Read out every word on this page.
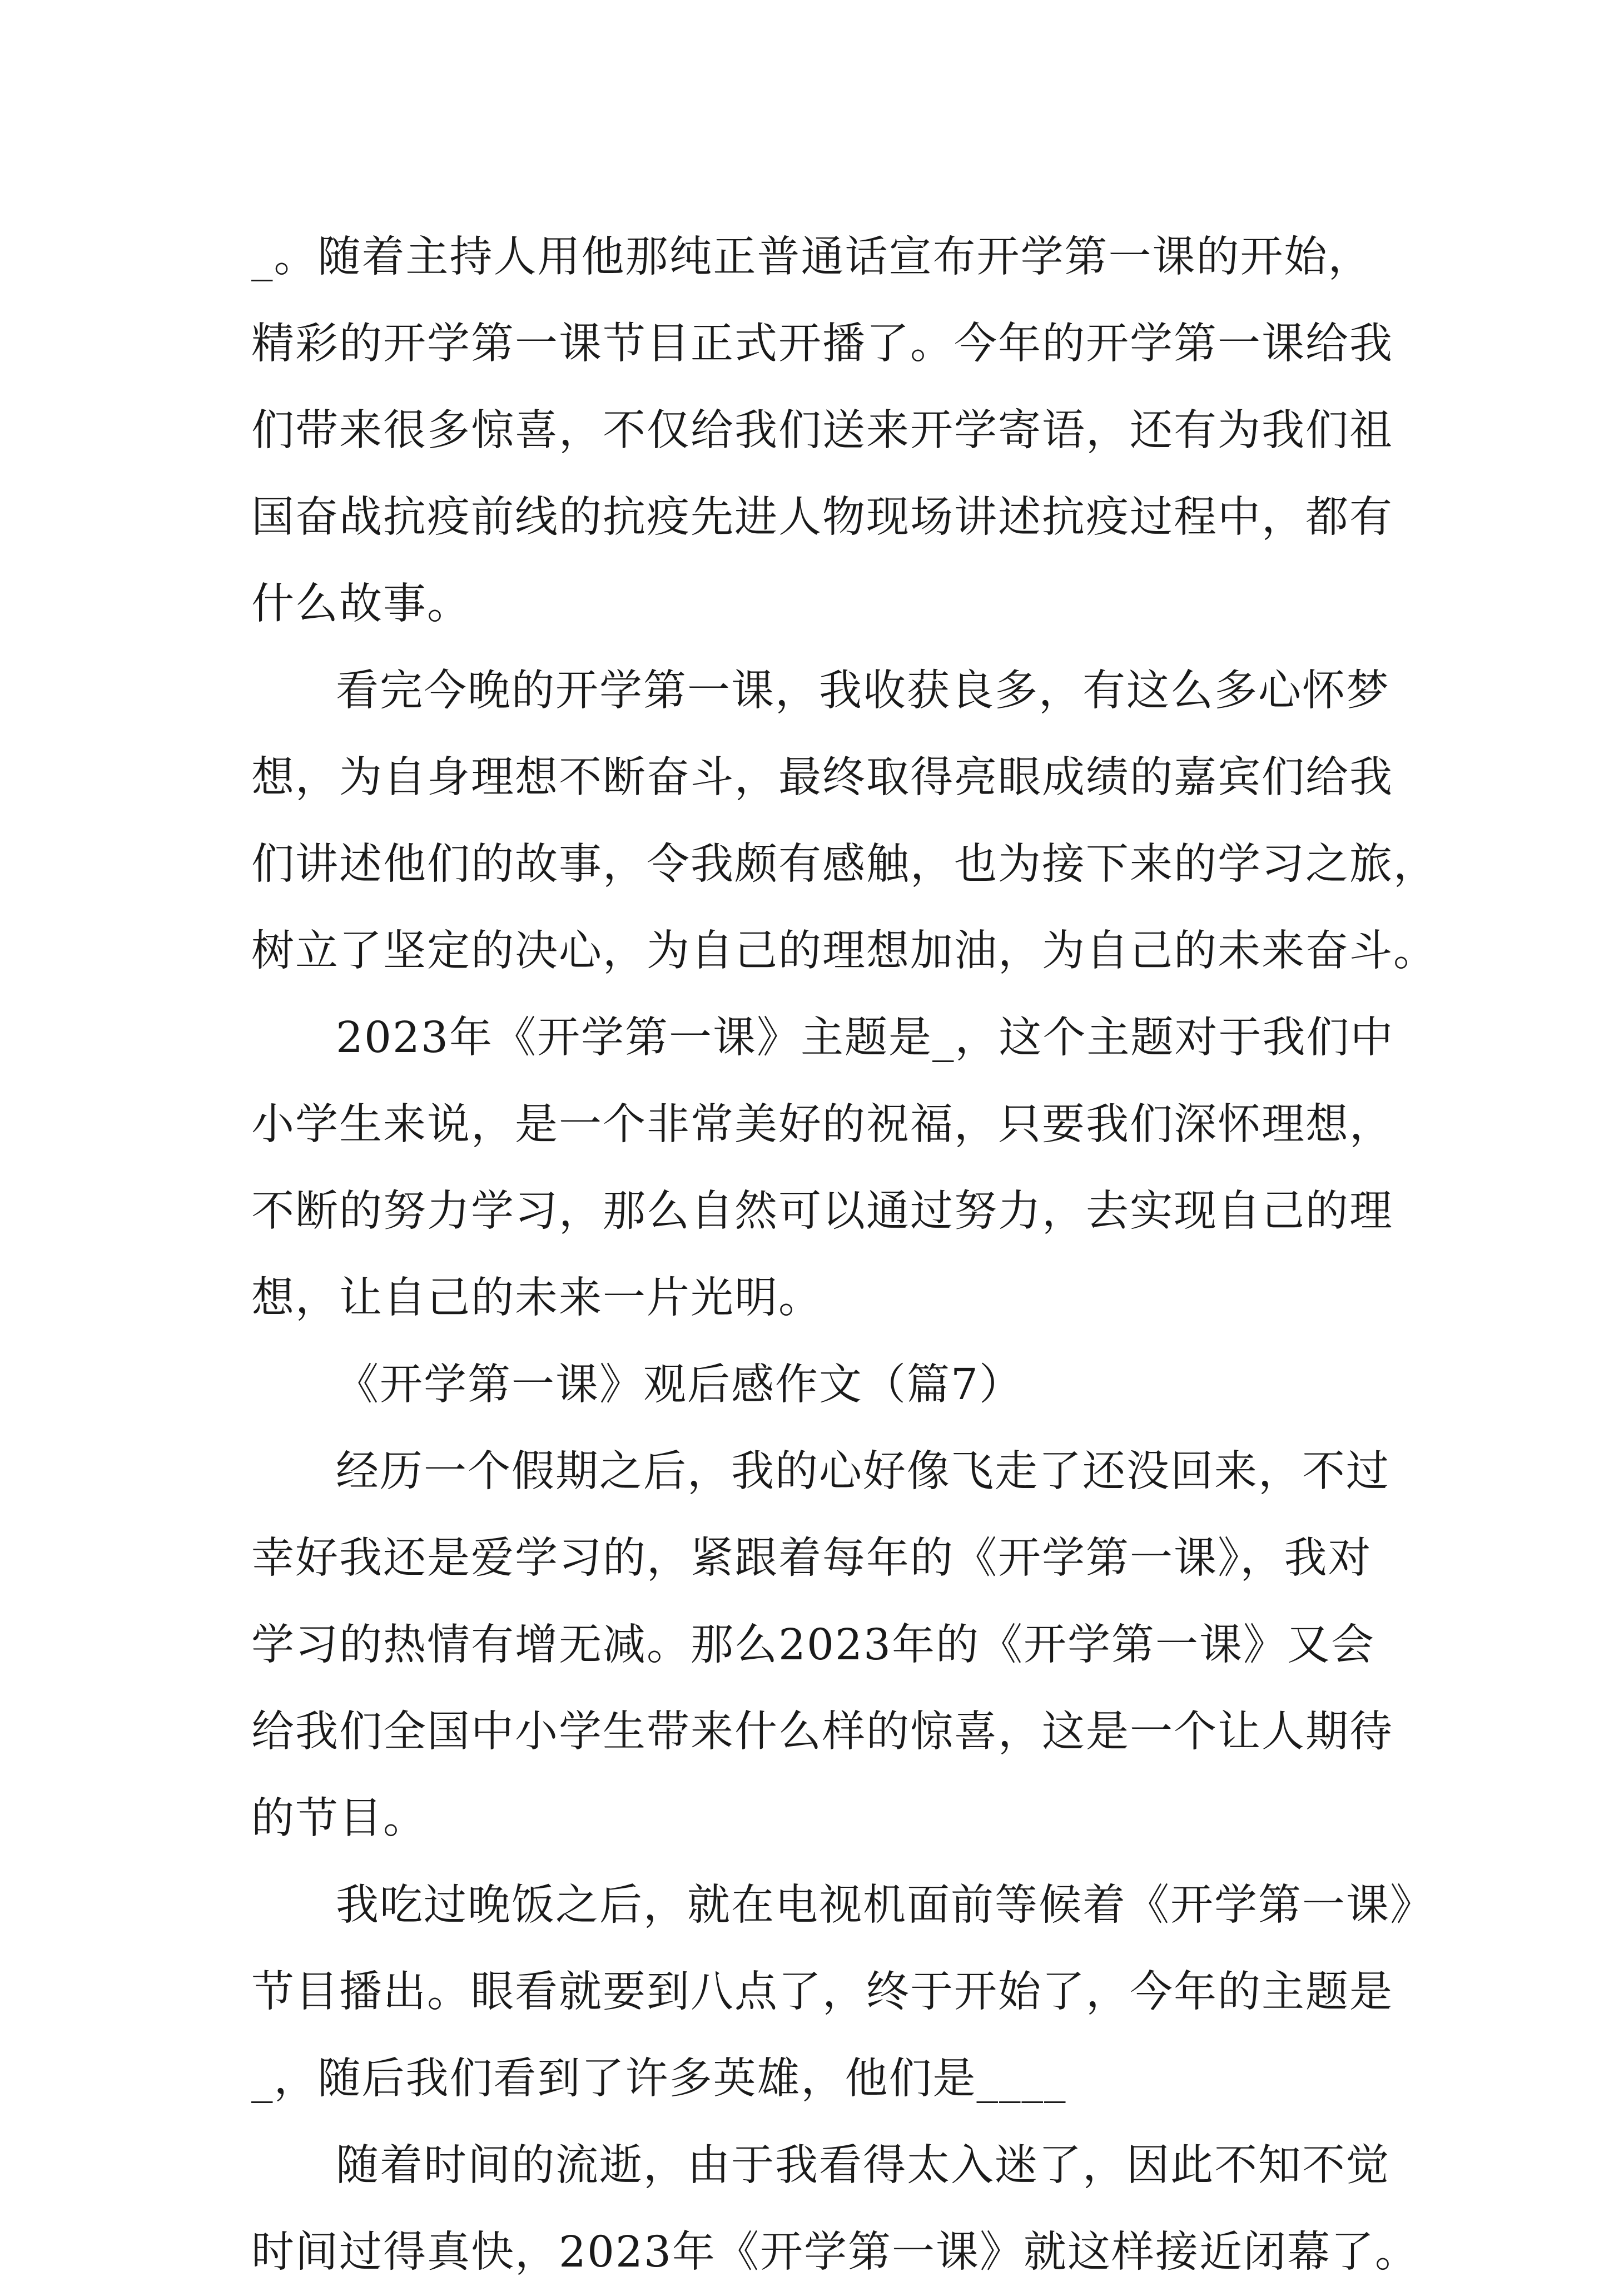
_。随着主持人用他那纯正普通话宣布开学第一课的开始，
精彩的开学第一课节目正式开播了。今年的开学第一课给我
们带来很多惊喜，不仅给我们送来开学寄语，还有为我们祖
国奋战抗疫前线的抗疫先进人物现场讲述抗疫过程中，都有
什么故事。
看完今晚的开学第一课，我收获良多，有这么多心怀梦
想，为自身理想不断奋斗，最终取得亮眼成绩的嘉宾们给我
们讲述他们的故事，令我颇有感触，也为接下来的学习之旅，
树立了坚定的决心，为自己的理想加油，为自己的未来奋斗。
2023年《开学第一课》主题是_，这个主题对于我们中
小学生来说，是一个非常美好的祝福，只要我们深怀理想，
不断的努力学习，那么自然可以通过努力，去实现自己的理
想，让自己的未来一片光明。
《开学第一课》观后感作文（篇7）
经历一个假期之后，我的心好像飞走了还没回来，不过
幸好我还是爱学习的，紧跟着每年的《开学第一课》，我对
学习的热情有增无减。那么2023年的《开学第一课》又会
给我们全国中小学生带来什么样的惊喜，这是一个让人期待
的节目。
我吃过晚饭之后，就在电视机面前等候着《开学第一课》
节目播出。眼看就要到八点了，终于开始了，今年的主题是
_，随后我们看到了许多英雄，他们是____
随着时间的流逝，由于我看得太入迷了，因此不知不觉
时间过得真快，2023年《开学第一课》就这样接近闭幕了。
